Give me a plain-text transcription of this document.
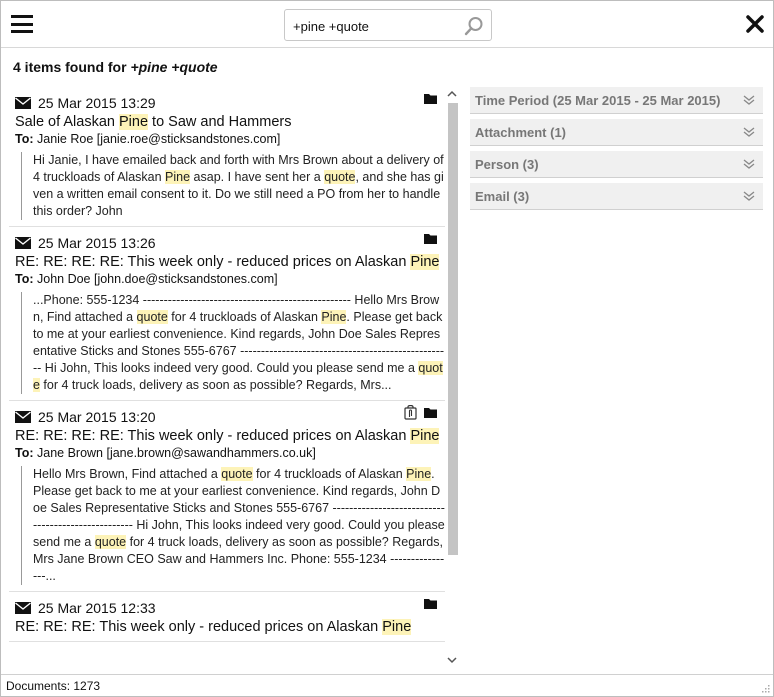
+pine +quote
4 items found for +pine +quote
25 Mar 2015 13:29
Sale of Alaskan Pine to Saw and Hammers
To: Janie Roe [janie.roe@sticksandstones.com]
Hi Janie, I have emailed back and forth with Mrs Brown about a delivery of 4 truckloads of Alaskan Pine asap. I have sent her a quote, and she has given a written email consent to it. Do we still need a PO from her to handle this order? John
25 Mar 2015 13:26
RE: RE: RE: RE: This week only - reduced prices on Alaskan Pine
To: John Doe [john.doe@sticksandstones.com]
...Phone: 555-1234 -------------------------------------------------- Hello Mrs Brown, Find attached a quote for 4 truckloads of Alaskan Pine. Please get back to me at your earliest convenience. Kind regards, John Doe Sales Representative Sticks and Stones 555-6767 --------------------------------------------------- Hi John, This looks indeed very good. Could you please send me a quote for 4 truck loads, delivery as soon as possible? Regards, Mrs...
25 Mar 2015 13:20
RE: RE: RE: RE: This week only - reduced prices on Alaskan Pine
To: Jane Brown [jane.brown@sawandhammers.co.uk]
Hello Mrs Brown, Find attached a quote for 4 truckloads of Alaskan Pine. Please get back to me at your earliest convenience. Kind regards, John Doe Sales Representative Sticks and Stones 555-6767 --------------------------------------------------- Hi John, This looks indeed very good. Could you please send me a quote for 4 truck loads, delivery as soon as possible? Regards, Mrs Jane Brown CEO Saw and Hammers Inc. Phone: 555-1234 ----------------...
25 Mar 2015 12:33
RE: RE: RE: This week only - reduced prices on Alaskan Pine
Time Period (25 Mar 2015 - 25 Mar 2015)
Attachment (1)
Person (3)
Email (3)
Documents: 1273
